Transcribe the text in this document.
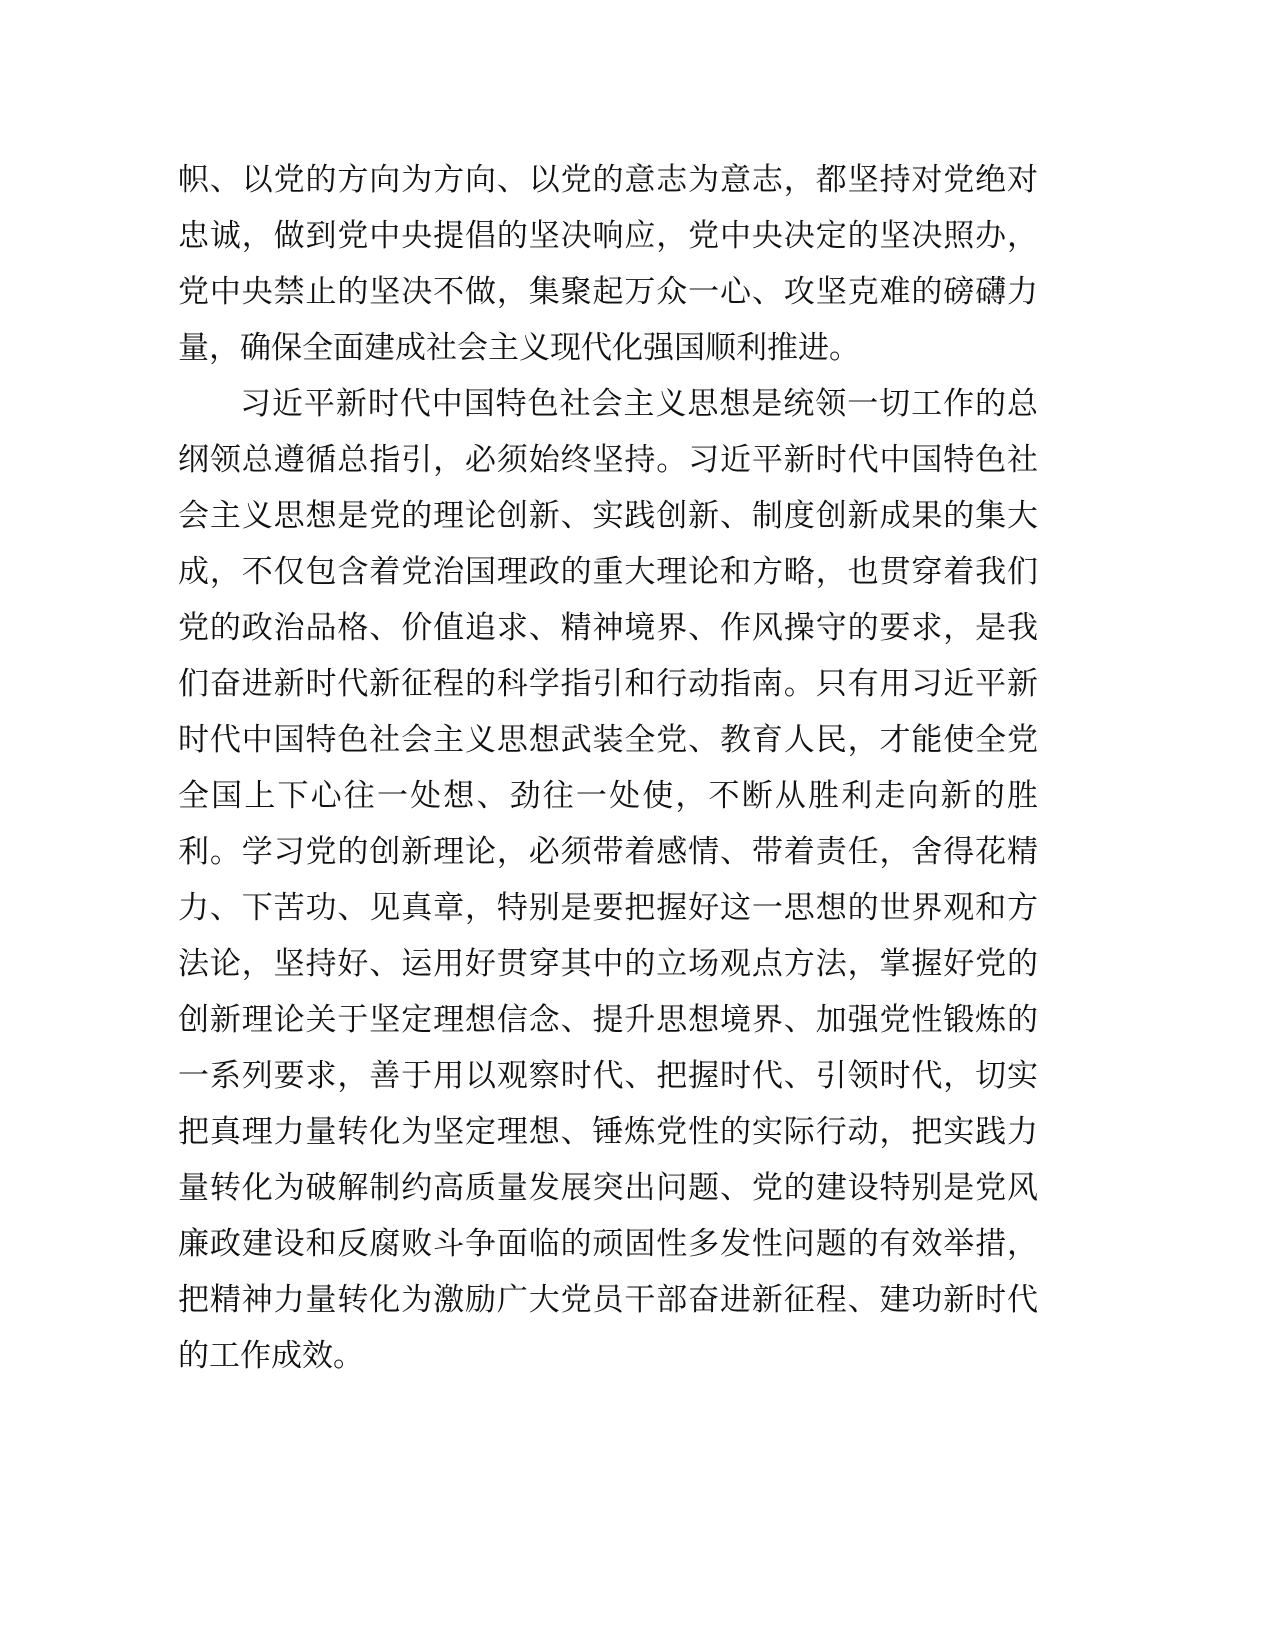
帜、以党的方向为方向、以党的意志为意志，都坚持对党绝对忠诚，做到党中央提倡的坚决响应，党中央决定的坚决照办，党中央禁止的坚决不做，集聚起万众一心、攻坚克难的磅礴力量，确保全面建成社会主义现代化强国顺利推进。

习近平新时代中国特色社会主义思想是统领一切工作的总纲领总遵循总指引，必须始终坚持。习近平新时代中国特色社会主义思想是党的理论创新、实践创新、制度创新成果的集大成，不仅包含着党治国理政的重大理论和方略，也贯穿着我们党的政治品格、价值追求、精神境界、作风操守的要求，是我们奋进新时代新征程的科学指引和行动指南。只有用习近平新时代中国特色社会主义思想武装全党、教育人民，才能使全党全国上下心往一处想、劲往一处使，不断从胜利走向新的胜利。学习党的创新理论，必须带着感情、带着责任，舍得花精力、下苦功、见真章，特别是要把握好这一思想的世界观和方法论，坚持好、运用好贯穿其中的立场观点方法，掌握好党的创新理论关于坚定理想信念、提升思想境界、加强党性锻炼的一系列要求，善于用以观察时代、把握时代、引领时代，切实把真理力量转化为坚定理想、锤炼党性的实际行动，把实践力量转化为破解制约高质量发展突出问题、党的建设特别是党风廉政建设和反腐败斗争面临的顽固性多发性问题的有效举措，把精神力量转化为激励广大党员干部奋进新征程、建功新时代的工作成效。
